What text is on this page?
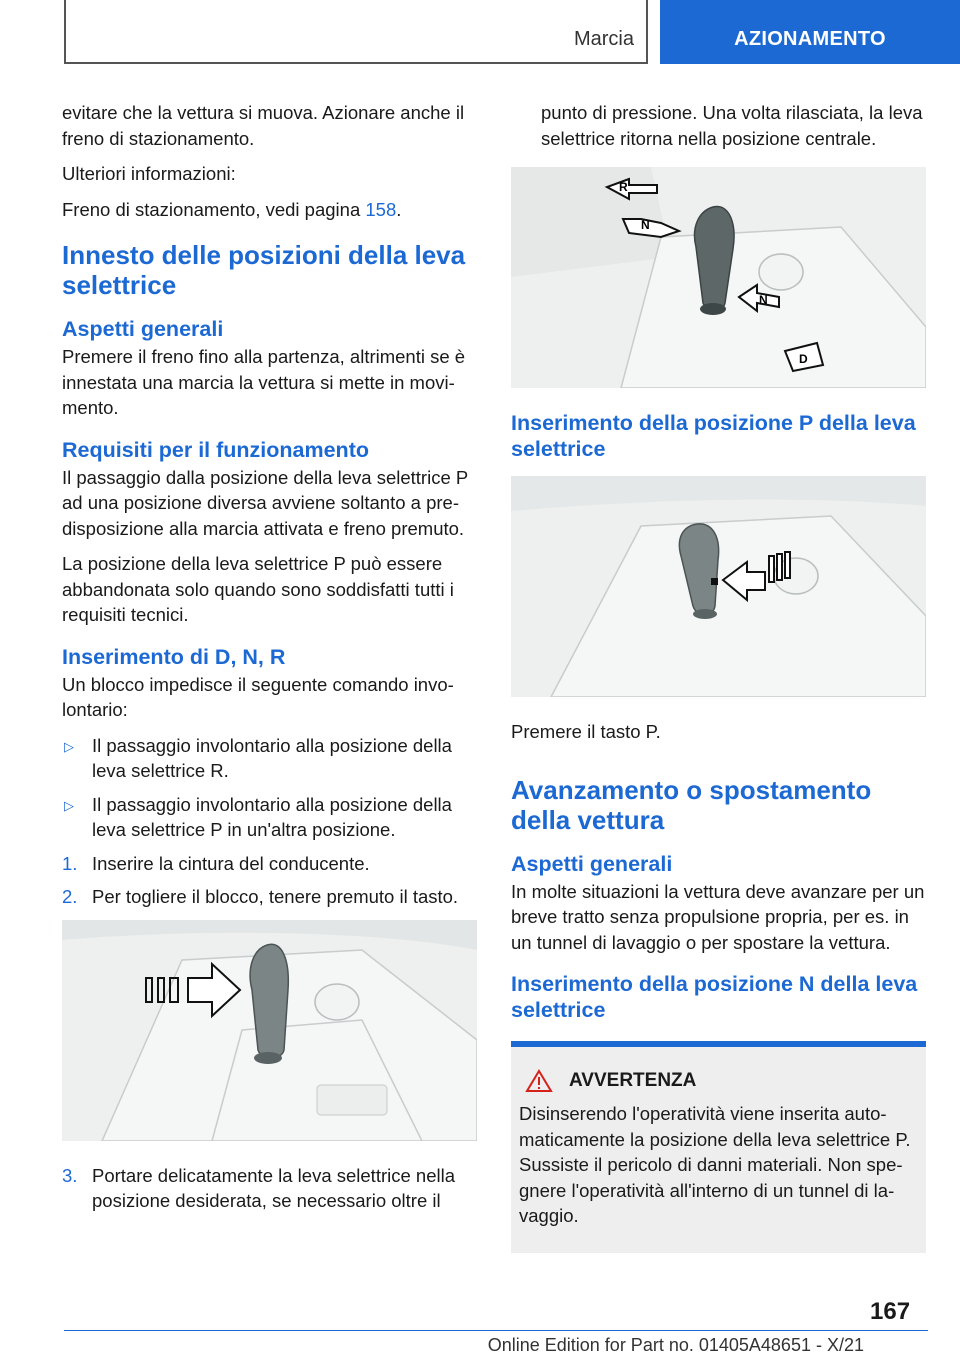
Marcia	AZIONAMENTO

evitare che la vettura si muova. Azionare anche il freno di stazionamento.

Ulteriori informazioni:

Freno di stazionamento, vedi pagina 158.

Innesto delle posizioni della leva selettrice
Aspetti generali

Premere il freno fino alla partenza, altrimenti se è innestata una marcia la vettura si mette in movi-mento.

Requisiti per il funzionamento

Il passaggio dalla posizione della leva selettrice P ad una posizione diversa avviene soltanto a pre-disposizione alla marcia attivata e freno premuto.

La posizione della leva selettrice P può essere abbandonata solo quando sono soddisfatti tutti i requisiti tecnici.

Inserimento di D, N, R

Un blocco impedisce il seguente comando invo-lontario:

▷ Il passaggio involontario alla posizione della leva selettrice R.
▷ Il passaggio involontario alla posizione della leva selettrice P in un'altra posizione.
1. Inserire la cintura del conducente.
2. Per togliere il blocco, tenere premuto il tasto.
3. Portare delicatamente la leva selettrice nella posizione desiderata, se necessario oltre il

punto di pressione. Una volta rilasciata, la leva selettrice ritorna nella posizione centrale.

R
N
N
D
Inserimento della posizione P della leva selettrice

Premere il tasto P.

Avanzamento o spostamento della vettura
Aspetti generali

In molte situazioni la vettura deve avanzare per un breve tratto senza propulsione propria, per es. in un tunnel di lavaggio o per spostare la vettura.

Inserimento della posizione N della leva selettrice
AVVERTENZA

Disinserendo l'operatività viene inserita auto-maticamente la posizione della leva selettrice P. Sussiste il pericolo di danni materiali. Non spe-gnere l'operatività all'interno di un tunnel di la-vaggio.

167
Online Edition for Part no. 01405A48651 - X/21
